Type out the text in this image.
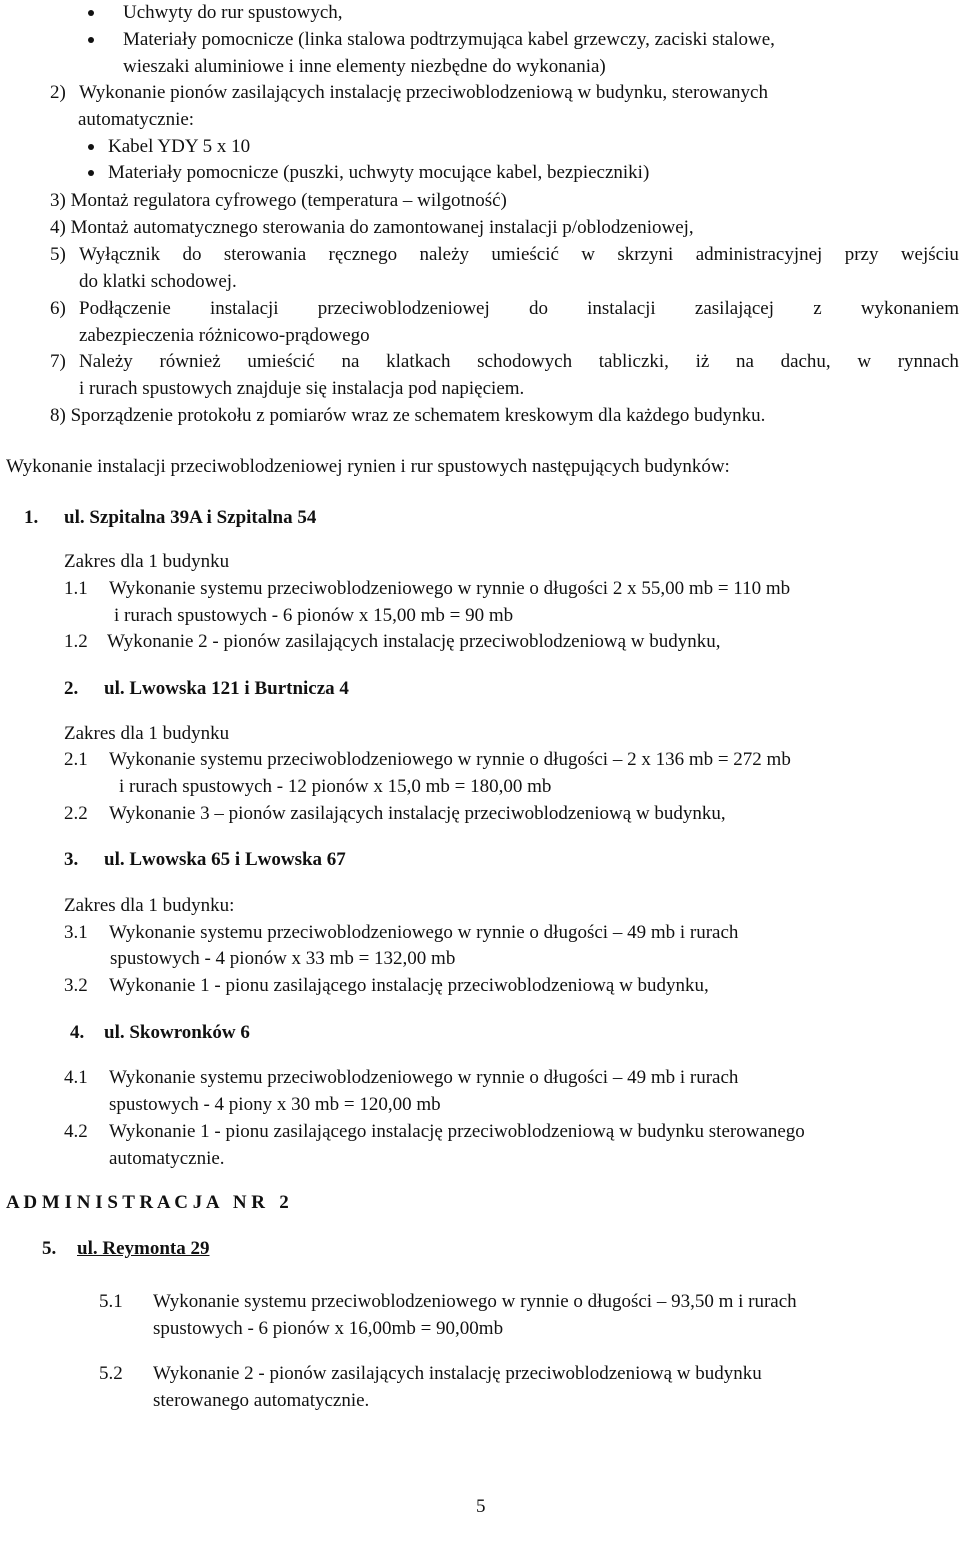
Uchwyty do rur spustowych,
Materiały pomocnicze (linka stalowa podtrzymująca kabel grzewczy, zaciski stalowe,
wieszaki aluminiowe i inne elementy niezbędne do wykonania)
2) Wykonanie pionów zasilających instalację przeciwoblodzeniową w budynku, sterowanych
automatycznie:
Kabel YDY 5 x 10
Materiały pomocnicze (puszki, uchwyty mocujące kabel, bezpieczniki)
3) Montaż regulatora cyfrowego (temperatura – wilgotność)
4) Montaż automatycznego sterowania do zamontowanej instalacji p/oblodzeniowej,
5) Wyłącznik do sterowania ręcznego należy umieścić w skrzyni administracyjnej przy wejściu
do klatki schodowej.
6) Podłączenie instalacji przeciwoblodzeniowej do instalacji zasilającej z wykonaniem
zabezpieczenia różnicowo-prądowego
7) Należy również umieścić na klatkach schodowych tabliczki, iż na dachu, w rynnach
i rurach spustowych znajduje się instalacja pod napięciem.
8) Sporządzenie protokołu z pomiarów wraz ze schematem kreskowym dla każdego budynku.
Wykonanie instalacji przeciwoblodzeniowej rynien i rur spustowych następujących budynków:
1. ul. Szpitalna 39A i Szpitalna 54
Zakres dla 1 budynku
1.1 Wykonanie systemu przeciwoblodzeniowego w rynnie o długości 2 x 55,00 mb = 110 mb
i rurach spustowych - 6 pionów x 15,00 mb = 90 mb
1.2 Wykonanie 2 - pionów zasilających instalację przeciwoblodzeniową w budynku,
2. ul. Lwowska 121 i Burtnicza 4
Zakres dla 1 budynku
2.1 Wykonanie systemu przeciwoblodzeniowego w rynnie o długości – 2 x 136 mb = 272 mb
i rurach spustowych - 12 pionów x 15,0 mb = 180,00 mb
2.2 Wykonanie 3 – pionów zasilających instalację przeciwoblodzeniową w budynku,
3. ul. Lwowska 65 i Lwowska 67
Zakres dla 1 budynku:
3.1 Wykonanie systemu przeciwoblodzeniowego w rynnie o długości – 49 mb i rurach
spustowych - 4 pionów x 33 mb = 132,00 mb
3.2 Wykonanie 1 - pionu zasilającego instalację przeciwoblodzeniową w budynku,
4. ul. Skowronków 6
4.1 Wykonanie systemu przeciwoblodzeniowego w rynnie o długości – 49 mb i rurach
spustowych - 4 piony x 30 mb = 120,00 mb
4.2 Wykonanie 1 - pionu zasilającego instalację przeciwoblodzeniową w budynku sterowanego
automatycznie.
A D M I N I S T R A C J A   N R   2
5. ul. Reymonta 29
5.1 Wykonanie systemu przeciwoblodzeniowego w rynnie o długości – 93,50 m i rurach
spustowych - 6 pionów x 16,00mb = 90,00mb
5.2 Wykonanie 2 - pionów zasilających instalację przeciwoblodzeniową w budynku
sterowanego automatycznie.
5
